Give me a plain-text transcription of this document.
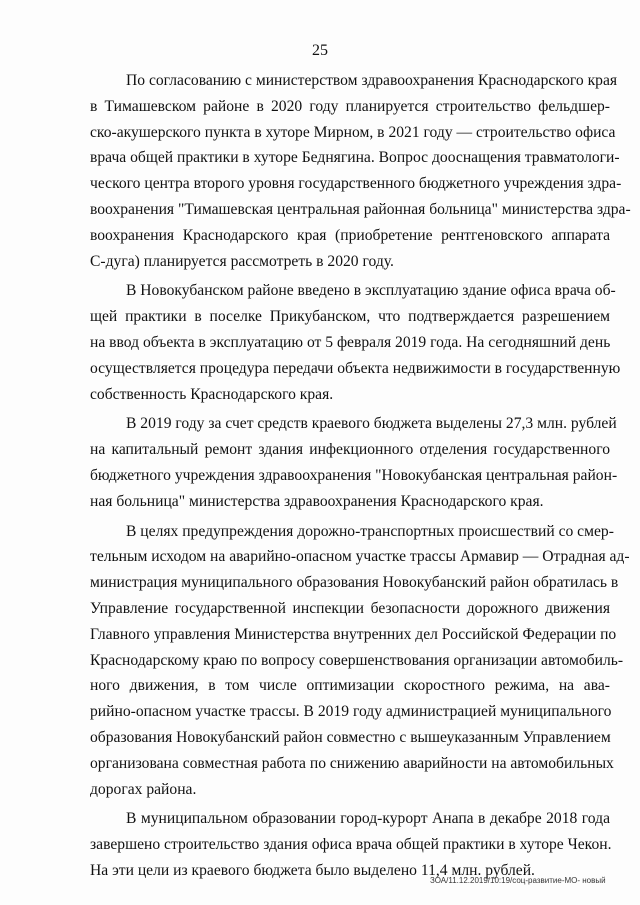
25
По согласованию с министерством здравоохранения Краснодарского края
в Тимашевском районе в 2020 году планируется строительство фельдшер-
ско-акушерского пункта в хуторе Мирном, в 2021 году — строительство офиса
врача общей практики в хуторе Беднягина. Вопрос дооснащения травматологи-
ческого центра второго уровня государственного бюджетного учреждения здра-
воохранения "Тимашевская центральная районная больница" министерства здра-
воохранения Краснодарского края (приобретение рентгеновского аппарата
С-дуга) планируется рассмотреть в 2020 году.
В Новокубанском районе введено в эксплуатацию здание офиса врача об-
щей практики в поселке Прикубанском, что подтверждается разрешением
на ввод объекта в эксплуатацию от 5 февраля 2019 года. На сегодняшний день
осуществляется процедура передачи объекта недвижимости в государственную
собственность Краснодарского края.
В 2019 году за счет средств краевого бюджета выделены 27,3 млн. рублей
на капитальный ремонт здания инфекционного отделения государственного
бюджетного учреждения здравоохранения "Новокубанская центральная район-
ная больница" министерства здравоохранения Краснодарского края.
В целях предупреждения дорожно-транспортных происшествий со смер-
тельным исходом на аварийно-опасном участке трассы Армавир — Отрадная ад-
министрация муниципального образования Новокубанский район обратилась в
Управление государственной инспекции безопасности дорожного движения
Главного управления Министерства внутренних дел Российской Федерации по
Краснодарскому краю по вопросу совершенствования организации автомобиль-
ного движения, в том числе оптимизации скоростного режима, на ава-
рийно-опасном участке трассы. В 2019 году администрацией муниципального
образования Новокубанский район совместно с вышеуказанным Управлением
организована совместная работа по снижению аварийности на автомобильных
дорогах района.
В муниципальном образовании город-курорт Анапа в декабре 2018 года
завершено строительство здания офиса врача общей практики в хуторе Чекон.
На эти цели из краевого бюджета было выделено 11,4 млн. рублей.
ЗОА/11.12.2019/10:19/соц-развитие-МО- новый
